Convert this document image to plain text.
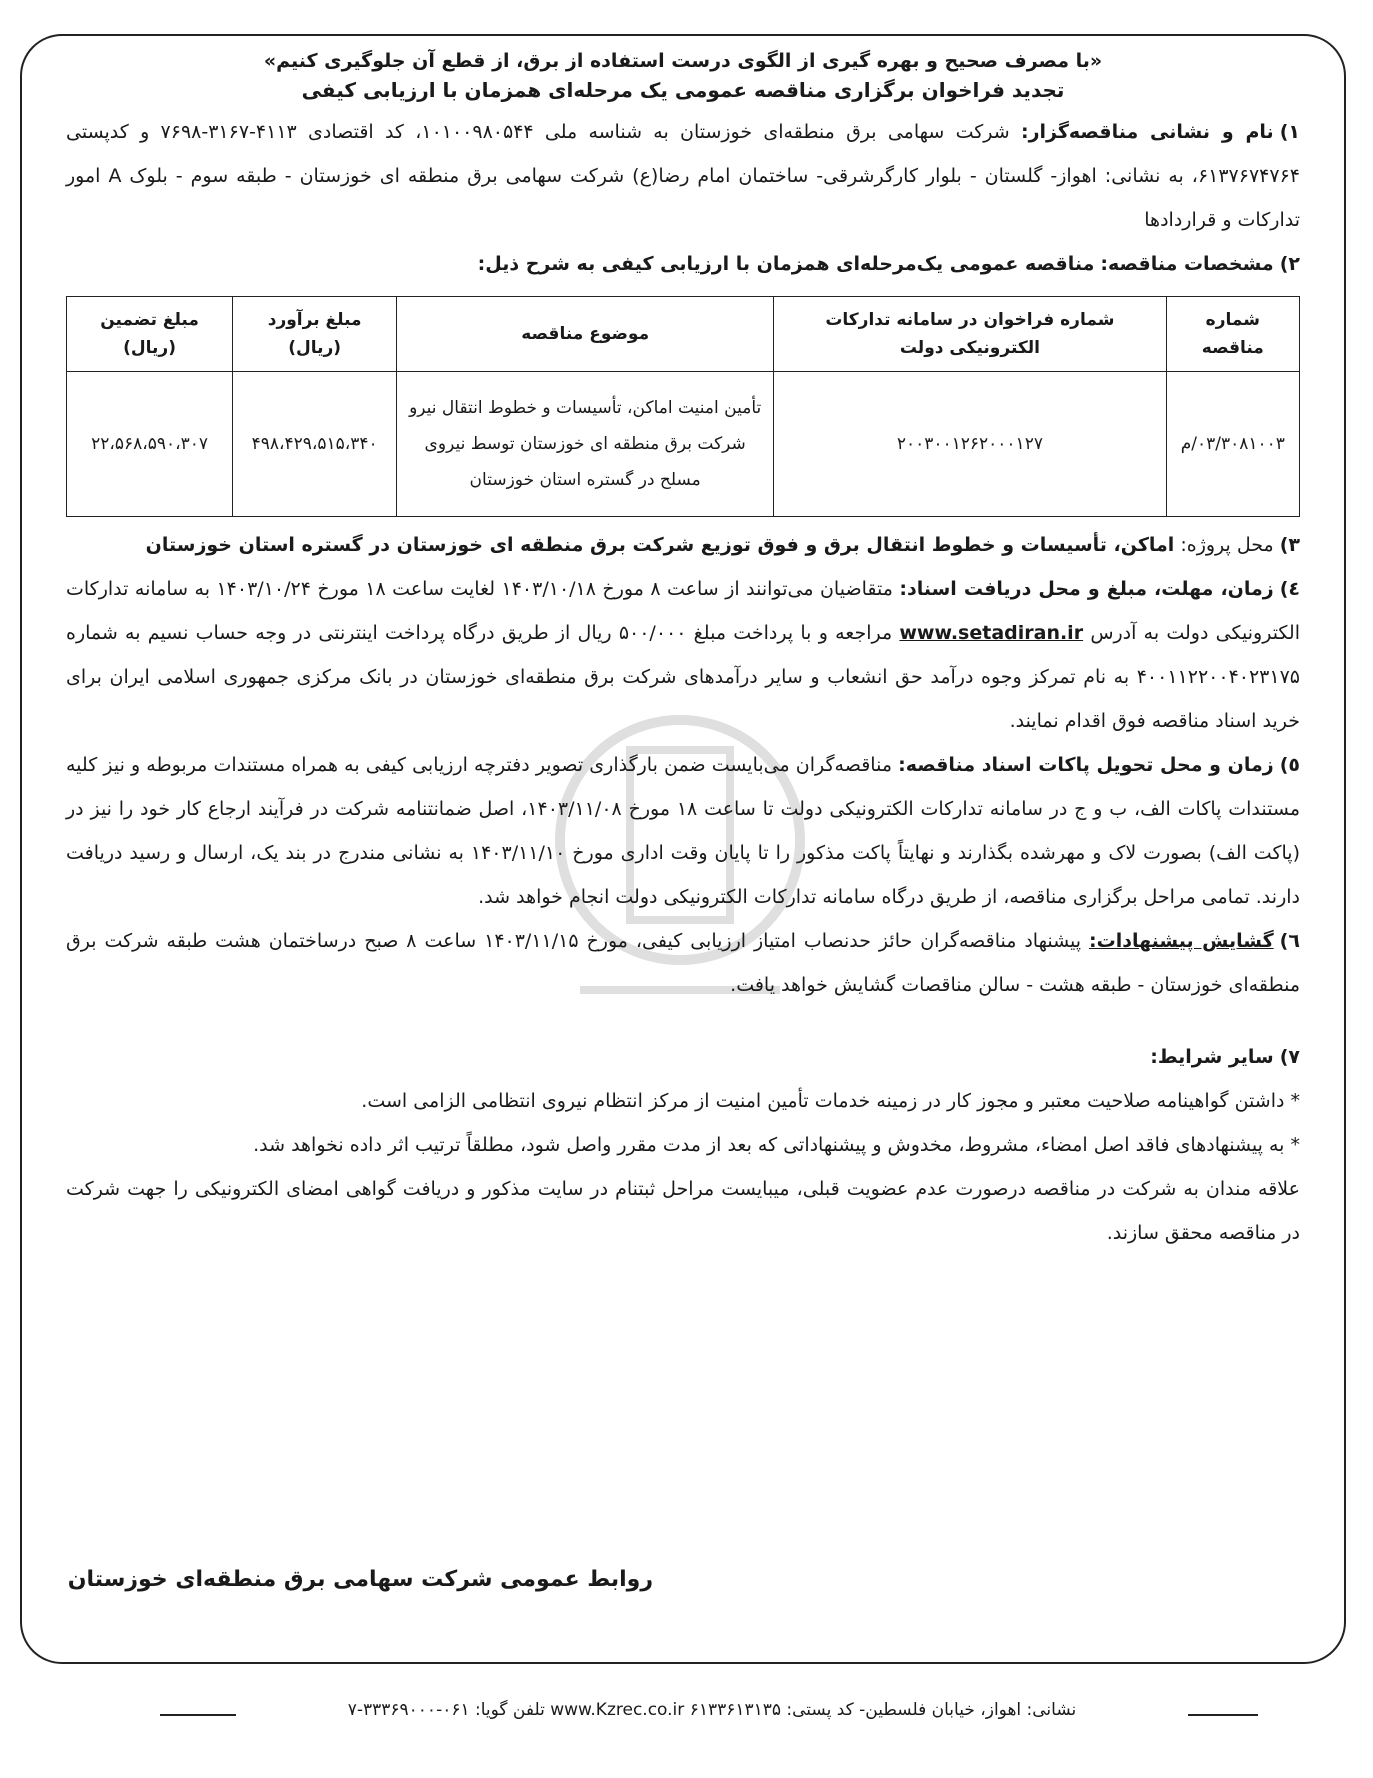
«با مصرف صحیح و بهره گیری از الگوی درست استفاده از برق، از قطع آن جلوگیری کنیم»

تجدید فراخوان برگزاری مناقصه عمومی یک مرحله‌ای همزمان با ارزیابی کیفی

۱)نام و نشانی مناقصه‌گزار: شرکت سهامی برق منطقه‌ای خوزستان به شناسه ملی ۱۰۱۰۰۹۸۰۵۴۴، کد اقتصادی ۴۱۱۳-۳۱۶۷-۷۶۹۸ و کدپستی ۶۱۳۷۶۷۴۷۶۴، به نشانی: اهواز- گلستان - بلوار کارگرشرقی- ساختمان امام رضا(ع) شرکت سهامی برق منطقه ای خوزستان - طبقه سوم - بلوک A امور تدارکات و قراردادها

۲)مشخصات مناقصه: مناقصه عمومی یک‌مرحله‌ای همزمان با ارزیابی کیفی به شرح ذیل:

شماره مناقصه	شماره فراخوان در سامانه تدارکات الکترونیکی دولت	موضوع مناقصه	مبلغ برآورد (ریال)	مبلغ تضمین (ریال)
۰۳/۳۰۸۱۰۰۳/م	۲۰۰۳۰۰۱۲۶۲۰۰۰۱۲۷	تأمین امنیت اماکن، تأسیسات و خطوط انتقال نیرو شرکت برق منطقه ای خوزستان توسط نیروی مسلح در گستره استان خوزستان	۴۹۸،۴۲۹،۵۱۵،۳۴۰	۲۲،۵۶۸،۵۹۰،۳۰۷

۳)محل پروژه: اماکن، تأسیسات و خطوط انتقال برق و فوق توزیع شرکت برق منطقه ای خوزستان در گستره استان خوزستان

٤)زمان، مهلت، مبلغ و محل دریافت اسناد: متقاضیان می‌توانند از ساعت ۸ مورخ ۱۴۰۳/۱۰/۱۸ لغایت ساعت ۱۸ مورخ ۱۴۰۳/۱۰/۲۴ به سامانه تدارکات الکترونیکی دولت به آدرس www.setadiran.ir مراجعه و با پرداخت مبلغ ۵۰۰/۰۰۰ ریال از طریق درگاه پرداخت اینترنتی در وجه حساب نسیم به شماره ۴۰۰۱۱۲۲۰۰۴۰۲۳۱۷۵ به نام تمرکز وجوه درآمد حق انشعاب و سایر درآمدهای شرکت برق منطقه‌ای خوزستان در بانک مرکزی جمهوری اسلامی ایران برای خرید اسناد مناقصه فوق اقدام نمایند.

٥)زمان و محل تحویل پاکات اسناد مناقصه: مناقصه‌گران می‌بایست ضمن بارگذاری تصویر دفترچه ارزیابی کیفی به همراه مستندات مربوطه و نیز کلیه مستندات پاکات الف، ب و ج در سامانه تدارکات الکترونیکی دولت تا ساعت ۱۸ مورخ ۱۴۰۳/۱۱/۰۸، اصل ضمانتنامه شرکت در فرآیند ارجاع کار خود را نیز در (پاکت الف) بصورت لاک و مهرشده بگذارند و نهایتاً پاکت مذکور را تا پایان وقت اداری مورخ ۱۴۰۳/۱۱/۱۰ به نشانی مندرج در بند یک، ارسال و رسید دریافت دارند. تمامی مراحل برگزاری مناقصه، از طریق درگاه سامانه تدارکات الکترونیکی دولت انجام خواهد شد.

٦)گشایش پیشنهادات: پیشنهاد مناقصه‌گران حائز حدنصاب امتیاز ارزیابی کیفی، مورخ ۱۴۰۳/۱۱/۱۵ ساعت ۸ صبح درساختمان هشت طبقه شرکت برق منطقه‌ای خوزستان - طبقه هشت - سالن مناقصات گشایش خواهد یافت.

۷)سایر شرایط:

* داشتن گواهینامه صلاحیت معتبر و مجوز کار در زمینه خدمات تأمین امنیت از مرکز انتظام نیروی انتظامی الزامی است.

* به پیشنهادهای فاقد اصل امضاء، مشروط، مخدوش و پیشنهاداتی که بعد از مدت مقرر واصل شود، مطلقاً ترتیب اثر داده نخواهد شد.

علاقه مندان به شرکت در مناقصه درصورت عدم عضویت قبلی، میبایست مراحل ثبتنام در سایت مذکور و دریافت گواهی امضای الکترونیکی را جهت شرکت در مناقصه محقق سازند.

روابط عمومی شرکت سهامی برق منطقه‌ای خوزستان
نشانی: اهواز، خیابان فلسطین- کد پستی: ۶۱۳۳۶۱۳۱۳۵ www.Kzrec.co.ir تلفن گویا: ۰۶۱-۳۳۳۶۹۰۰۰-۷
